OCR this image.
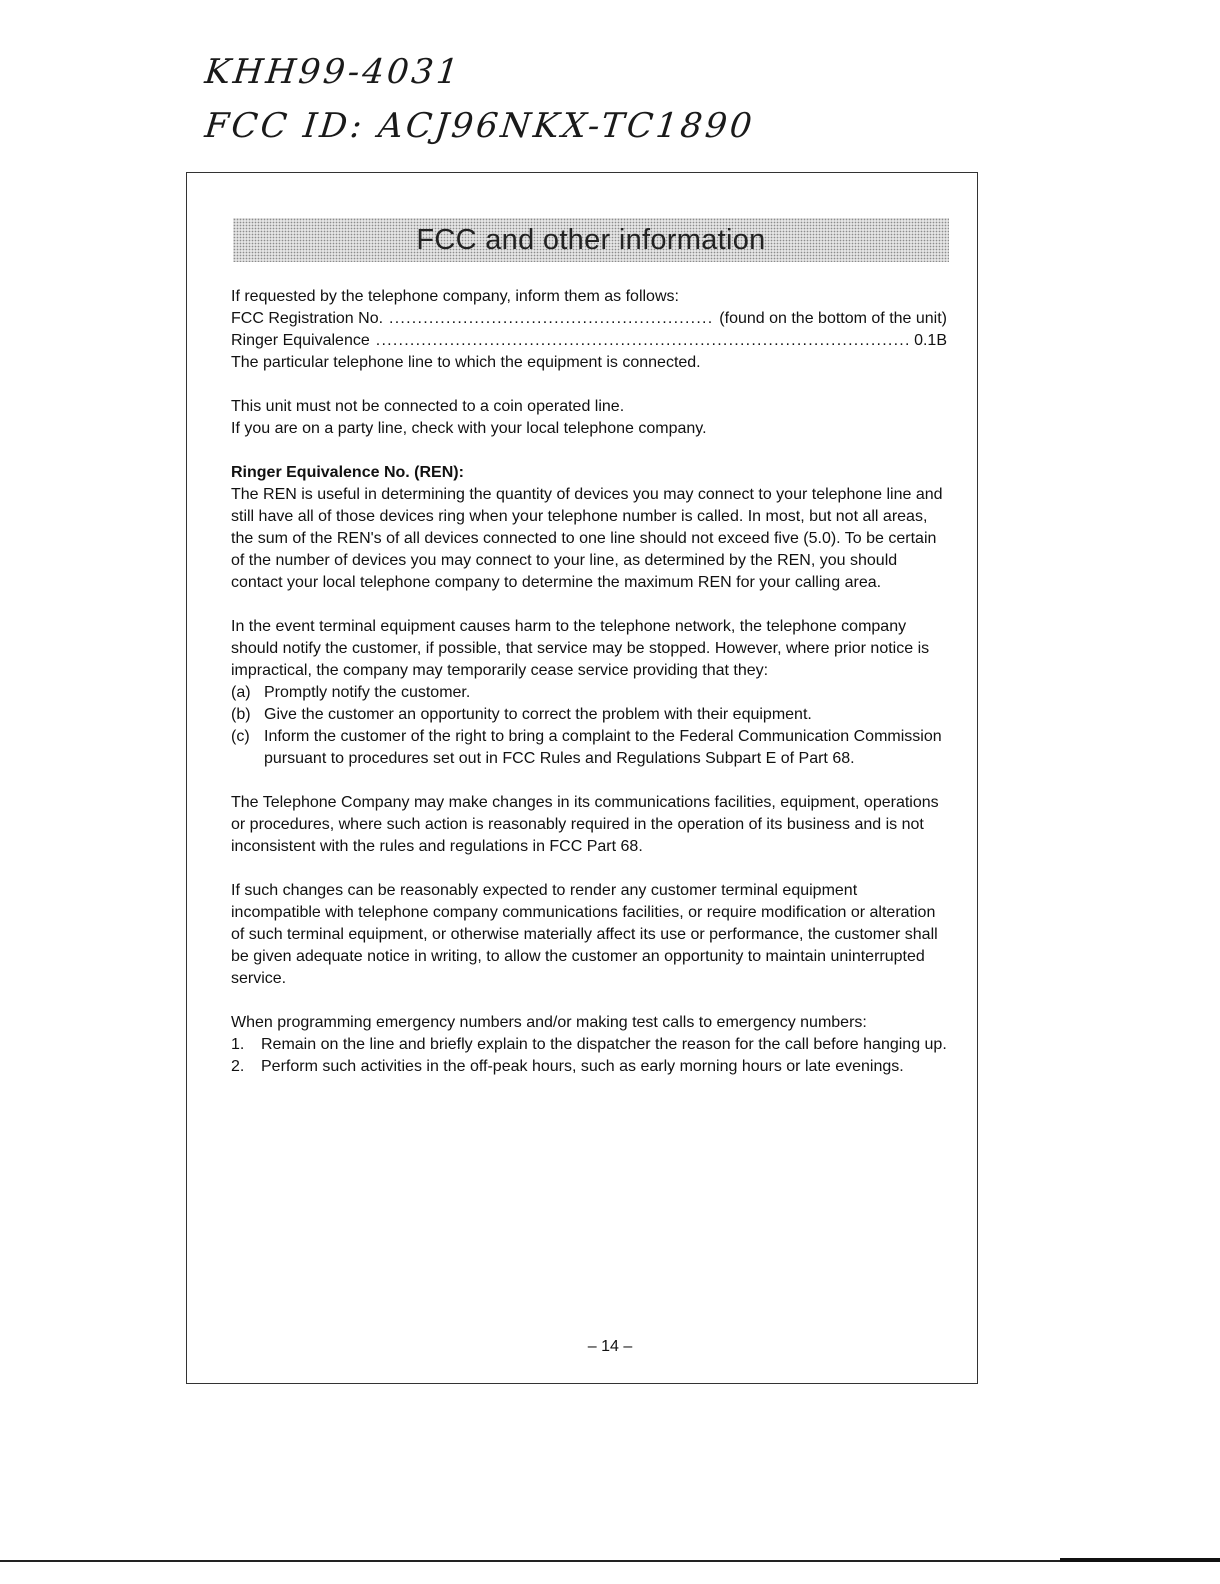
KHH99-4031
FCC ID: ACJ96NKX-TC1890
FCC and other information

If requested by the telephone company, inform them as follows:

FCC Registration No. . . .	(found on the bottom of the unit)
Ringer Equivalence . . .	0.1B

The particular telephone line to which the equipment is connected.

This unit must not be connected to a coin operated line.

If you are on a party line, check with your local telephone company.

Ringer Equivalence No. (REN):

The REN is useful in determining the quantity of devices you may connect to your telephone line and still have all of those devices ring when your telephone number is called. In most, but not all areas, the sum of the REN's of all devices connected to one line should not exceed five (5.0). To be certain of the number of devices you may connect to your line, as determined by the REN, you should contact your local telephone company to determine the maximum REN for your calling area.

In the event terminal equipment causes harm to the telephone network, the telephone company should notify the customer, if possible, that service may be stopped. However, where prior notice is impractical, the company may temporarily cease service providing that they:

(a) Promptly notify the customer.
(b) Give the customer an opportunity to correct the problem with their equipment.
(c) Inform the customer of the right to bring a complaint to the Federal Communication Commission pursuant to procedures set out in FCC Rules and Regulations Subpart E of Part 68.

The Telephone Company may make changes in its communications facilities, equipment, operations or procedures, where such action is reasonably required in the operation of its business and is not inconsistent with the rules and regulations in FCC Part 68.

If such changes can be reasonably expected to render any customer terminal equipment incompatible with telephone company communications facilities, or require modification or alteration of such terminal equipment, or otherwise materially affect its use or performance, the customer shall be given adequate notice in writing, to allow the customer an opportunity to maintain uninterrupted service.

When programming emergency numbers and/or making test calls to emergency numbers:

1.	Remain on the line and briefly explain to the dispatcher the reason for the call before hanging up.
2.	Perform such activities in the off-peak hours, such as early morning hours or late evenings.
– 14 –
